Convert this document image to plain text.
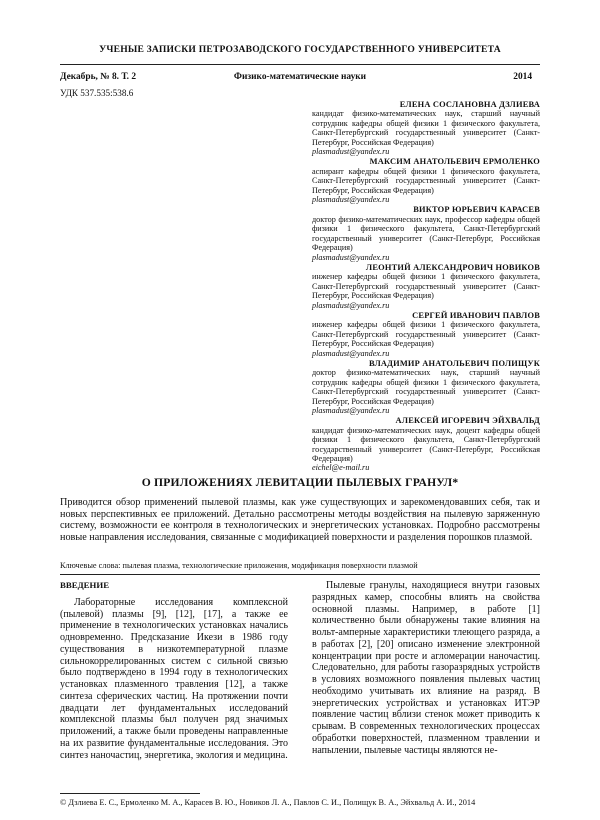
УЧЕНЫЕ ЗАПИСКИ ПЕТРОЗАВОДСКОГО ГОСУДАРСТВЕННОГО УНИВЕРСИТЕТА
Декабрь, № 8. Т. 2	Физико-математические науки	2014
УДК 537.535:538.6
ЕЛЕНА СОСЛАНОВНА ДЗЛИЕВА
кандидат физико-математических наук, старший научный сотрудник кафедры общей физики 1 физического факультета, Санкт-Петербургский государственный университет (Санкт-Петербург, Российская Федерация)
plasmadust@yandex.ru
МАКСИМ АНАТОЛЬЕВИЧ ЕРМОЛЕНКО
аспирант кафедры общей физики 1 физического факультета, Санкт-Петербургский государственный университет (Санкт-Петербург, Российская Федерация)
plasmadust@yandex.ru
ВИКТОР ЮРЬЕВИЧ КАРАСЕВ
доктор физико-математических наук, профессор кафедры общей физики 1 физического факультета, Санкт-Петербургский государственный университет (Санкт-Петербург, Российская Федерация)
plasmadust@yandex.ru
ЛЕОНТИЙ АЛЕКСАНДРОВИЧ НОВИКОВ
инженер кафедры общей физики 1 физического факультета, Санкт-Петербургский государственный университет (Санкт-Петербург, Российская Федерация)
plasmadust@yandex.ru
СЕРГЕЙ ИВАНОВИЧ ПАВЛОВ
инженер кафедры общей физики 1 физического факультета, Санкт-Петербургский государственный университет (Санкт-Петербург, Российская Федерация)
plasmadust@yandex.ru
ВЛАДИМИР АНАТОЛЬЕВИЧ ПОЛИЩУК
доктор физико-математических наук, старший научный сотрудник кафедры общей физики 1 физического факультета, Санкт-Петербургский государственный университет (Санкт-Петербург, Российская Федерация)
plasmadust@yandex.ru
АЛЕКСЕЙ ИГОРЕВИЧ ЭЙХВАЛЬД
кандидат физико-математических наук, доцент кафедры общей физики 1 физического факультета, Санкт-Петербургский государственный университет (Санкт-Петербург, Российская Федерация)
eichel@e-mail.ru
О ПРИЛОЖЕНИЯХ ЛЕВИТАЦИИ ПЫЛЕВЫХ ГРАНУЛ*
Приводится обзор применений пылевой плазмы, как уже существующих и зарекомендовавших себя, так и новых перспективных ее приложений. Детально рассмотрены методы воздействия на пылевую заряженную систему, возможности ее контроля в технологических и энергетических установках. Подробно рассмотрены новые направления исследования, связанные с модификацией поверхности и разделения порошков плазмой.
Ключевые слова: пылевая плазма, технологические приложения, модификация поверхности плазмой
ВВЕДЕНИЕ
Лабораторные исследования комплексной (пылевой) плазмы [9], [12], [17], а также ее применение в технологических установках начались одновременно. Предсказание Икези в 1986 году существования в низкотемпературной плазме сильнокоррелированных систем с сильной связью было подтверждено в 1994 году в технологических установках плазменного травления [12], а также синтеза сферических частиц. На протяжении почти двадцати лет фундаментальных исследований комплексной плазмы был получен ряд значимых приложений, а также были проведены направленные на их развитие фундаментальные исследования. Это синтез наночастиц, энергетика, экология и медицина.
Пылевые гранулы, находящиеся внутри газовых разрядных камер, способны влиять на свойства основной плазмы. Например, в работе [1] количественно были обнаружены такие влияния на вольт-амперные характеристики тлеющего разряда, а в работах [2], [20] описано изменение электронной концентрации при росте и агломерации наночастиц. Следовательно, для работы газоразрядных устройств в условиях возможного появления пылевых частиц необходимо учитывать их влияние на разряд. В энергетических устройствах и установках ИТЭР появление частиц вблизи стенок может приводить к срывам. В современных технологических процессах обработки поверхностей, плазменном травлении и напылении, пылевые частицы являются не-
© Дзлиева Е. С., Ермоленко М. А., Карасев В. Ю., Новиков Л. А., Павлов С. И., Полищук В. А., Эйхвальд А. И., 2014
